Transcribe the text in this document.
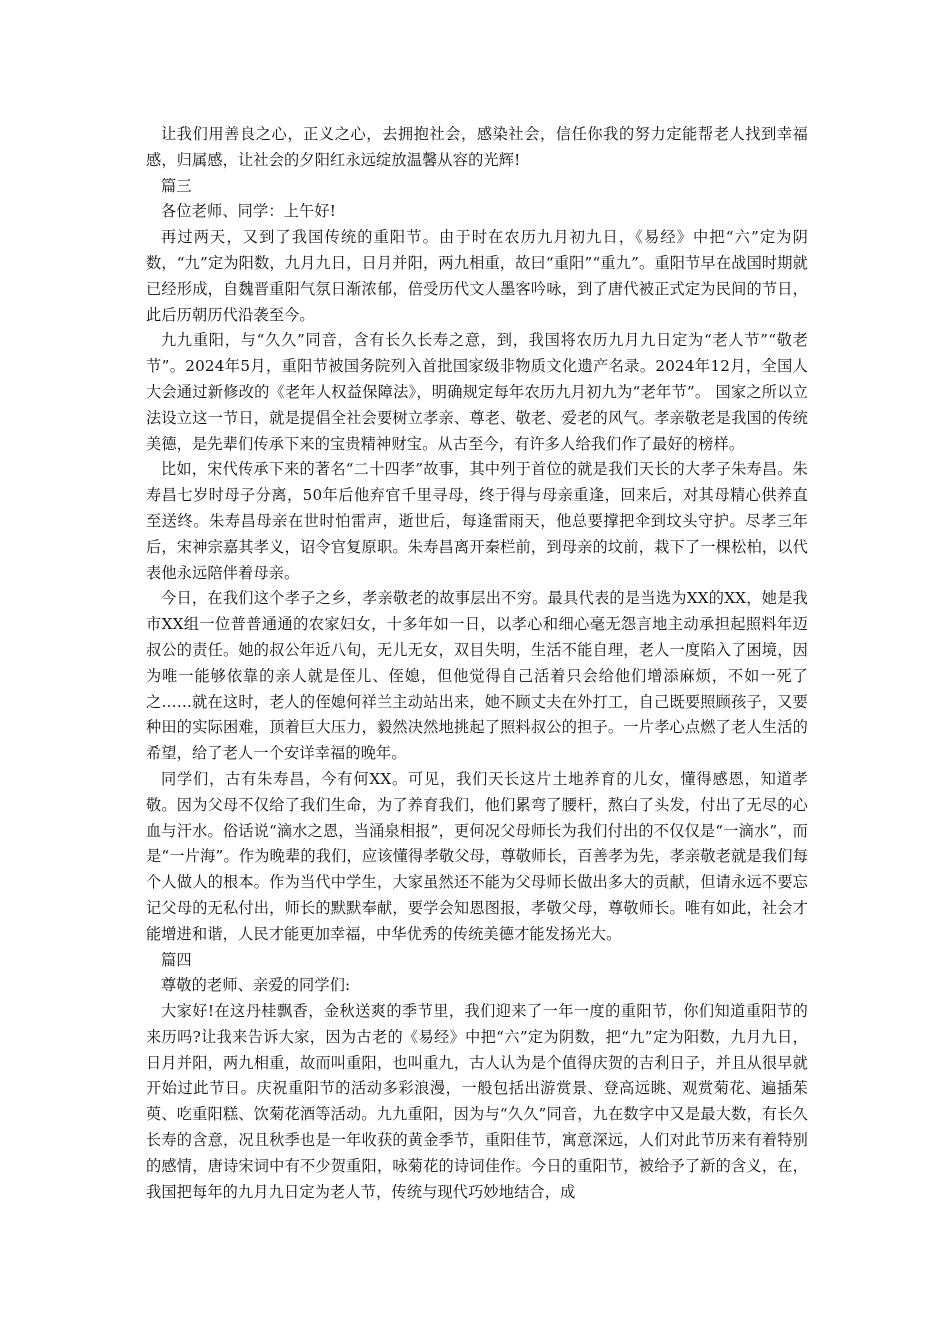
让我们用善良之心，正义之心，去拥抱社会，感染社会，信任你我的努力定能帮老人找到幸福感，归属感，让社会的夕阳红永远绽放温馨从容的光辉!

篇三

各位老师、同学：上午好!

再过两天，又到了我国传统的重阳节。由于时在农历九月初九日，《易经》中把“六”定为阴数，“九”定为阳数，九月九日，日月并阳，两九相重，故曰“重阳”“重九”。重阳节早在战国时期就已经形成，自魏晋重阳气氛日渐浓郁，倍受历代文人墨客吟咏，到了唐代被正式定为民间的节日，此后历朝历代沿袭至今。

九九重阳，与“久久”同音，含有长久长寿之意，到，我国将农历九月九日定为“老人节”“敬老节”。2024年5月，重阳节被国务院列入首批国家级非物质文化遗产名录。2024年12月，全国人大会通过新修改的《老年人权益保障法》，明确规定每年农历九月初九为“老年节”。 国家之所以立法设立这一节日，就是提倡全社会要树立孝亲、尊老、敬老、爱老的风气。孝亲敬老是我国的传统美德，是先辈们传承下来的宝贵精神财宝。从古至今，有许多人给我们作了最好的榜样。

比如，宋代传承下来的著名“二十四孝”故事，其中列于首位的就是我们天长的大孝子朱寿昌。朱寿昌七岁时母子分离，50年后他弃官千里寻母，终于得与母亲重逢，回来后，对其母精心供养直至送终。朱寿昌母亲在世时怕雷声，逝世后，每逢雷雨天，他总要撑把伞到坟头守护。尽孝三年后，宋神宗嘉其孝义，诏令官复原职。朱寿昌离开秦栏前，到母亲的坟前，栽下了一棵松柏，以代表他永远陪伴着母亲。

今日，在我们这个孝子之乡，孝亲敬老的故事层出不穷。最具代表的是当选为XX的XX，她是我市XX组一位普普通通的农家妇女，十多年如一日，以孝心和细心毫无怨言地主动承担起照料年迈叔公的责任。她的叔公年近八旬，无儿无女，双目失明，生活不能自理，老人一度陷入了困境，因为唯一能够依靠的亲人就是侄儿、侄媳，但他觉得自己活着只会给他们增添麻烦，不如一死了之……就在这时，老人的侄媳何祥兰主动站出来，她不顾丈夫在外打工，自己既要照顾孩子，又要种田的实际困难，顶着巨大压力，毅然决然地挑起了照料叔公的担子。一片孝心点燃了老人生活的希望，给了老人一个安详幸福的晚年。

同学们，古有朱寿昌，今有何XX。可见，我们天长这片土地养育的儿女，懂得感恩，知道孝敬。因为父母不仅给了我们生命，为了养育我们，他们累弯了腰杆，熬白了头发，付出了无尽的心血与汗水。俗话说“滴水之恩，当涌泉相报”，更何况父母师长为我们付出的不仅仅是“一滴水”，而是“一片海”。作为晚辈的我们，应该懂得孝敬父母，尊敬师长，百善孝为先，孝亲敬老就是我们每个人做人的根本。作为当代中学生，大家虽然还不能为父母师长做出多大的贡献，但请永远不要忘记父母的无私付出，师长的默默奉献，要学会知恩图报，孝敬父母，尊敬师长。唯有如此，社会才能增进和谐，人民才能更加幸福，中华优秀的传统美德才能发扬光大。

篇四

尊敬的老师、亲爱的同学们:

大家好!在这丹桂飘香，金秋送爽的季节里，我们迎来了一年一度的重阳节，你们知道重阳节的来历吗?让我来告诉大家，因为古老的《易经》中把“六”定为阴数，把“九”定为阳数，九月九日，日月并阳，两九相重，故而叫重阳，也叫重九，古人认为是个值得庆贺的吉利日子，并且从很早就开始过此节日。庆祝重阳节的活动多彩浪漫，一般包括出游赏景、登高远眺、观赏菊花、遍插茱萸、吃重阳糕、饮菊花酒等活动。九九重阳，因为与“久久”同音，九在数字中又是最大数，有长久长寿的含意，况且秋季也是一年收获的黄金季节，重阳佳节，寓意深远，人们对此节历来有着特别的感情，唐诗宋词中有不少贺重阳，咏菊花的诗词佳作。今日的重阳节，被给予了新的含义，在，我国把每年的九月九日定为老人节，传统与现代巧妙地结合，成
